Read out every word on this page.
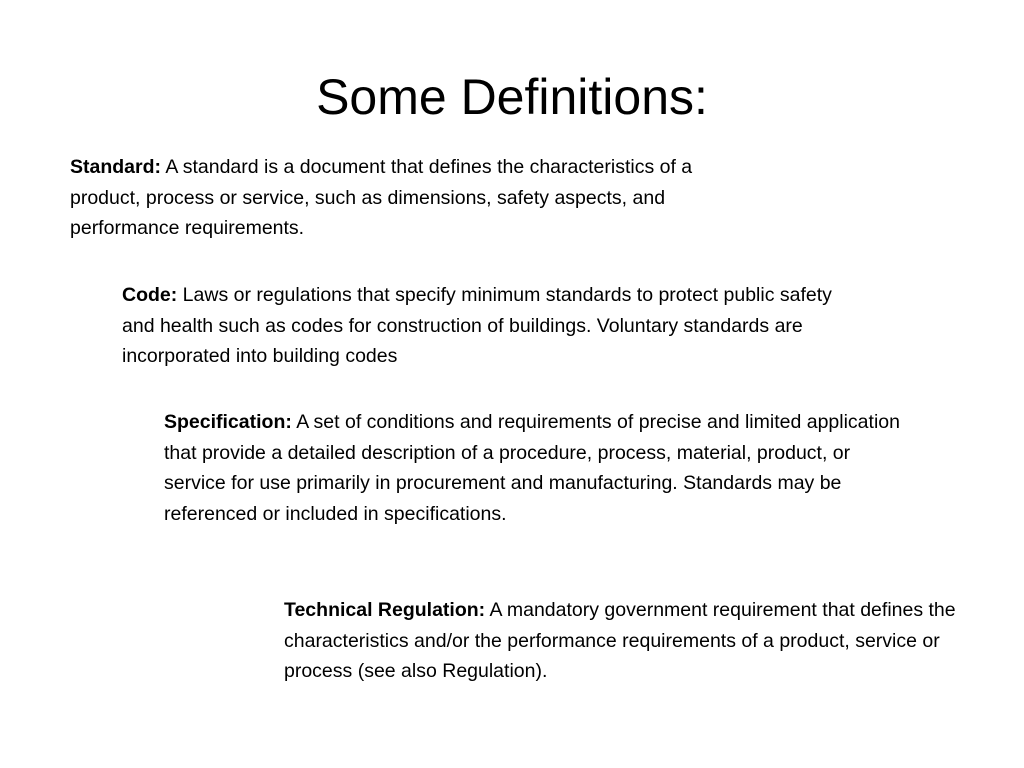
Some Definitions:

Standard: A standard is a document that defines the characteristics of a product, process or service, such as dimensions, safety aspects, and performance requirements.

Code: Laws or regulations that specify minimum standards to protect public safety and health such as codes for construction of buildings. Voluntary standards are incorporated into building codes

Specification: A set of conditions and requirements of precise and limited application that provide a detailed description of a procedure, process, material, product, or service for use primarily in procurement and manufacturing. Standards may be referenced or included in specifications.

Technical Regulation: A mandatory government requirement that defines the characteristics and/or the performance requirements of a product, service or process (see also Regulation).
